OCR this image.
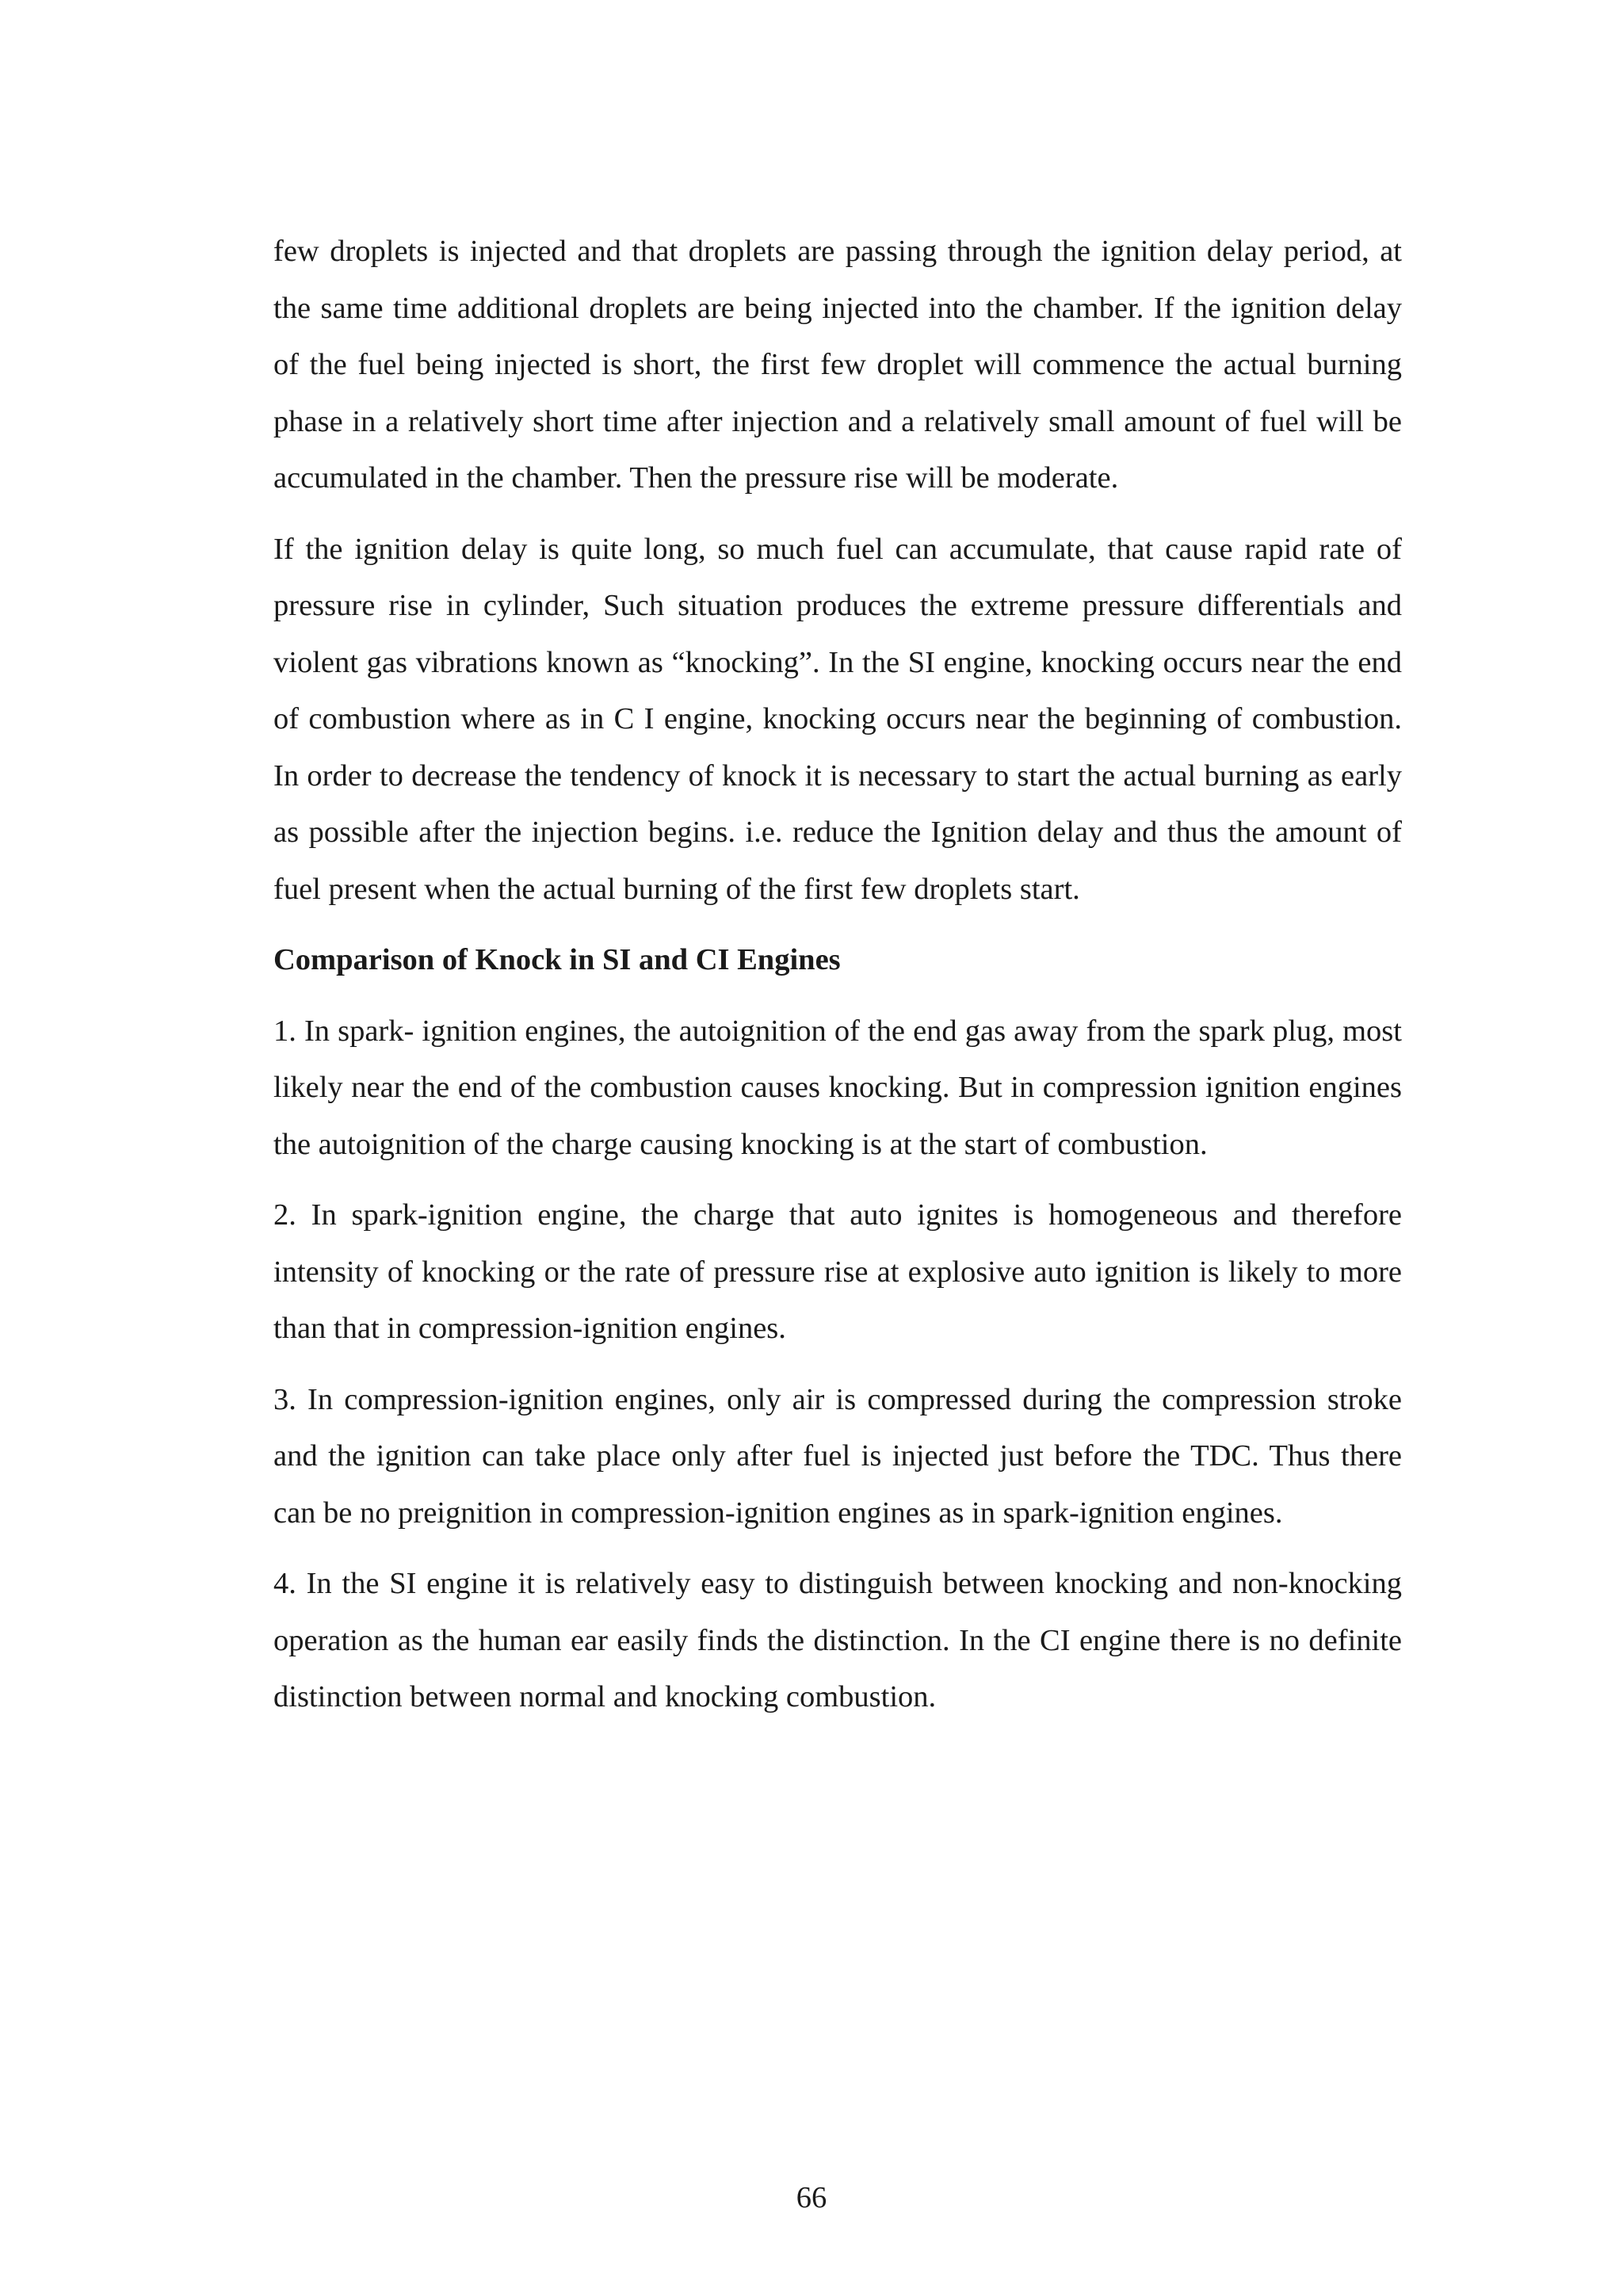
few droplets is injected and that droplets are passing through the ignition delay period, at the same time additional droplets are being injected into the chamber. If the ignition delay of the fuel being injected is short, the first few droplet will commence the actual burning phase in a relatively short time after injection and a relatively small amount of fuel will be accumulated in the chamber. Then the pressure rise will be moderate.

If the ignition delay is quite long, so much fuel can accumulate, that cause rapid rate of pressure rise in cylinder, Such situation produces the extreme pressure differentials and violent gas vibrations known as “knocking”. In the SI engine, knocking occurs near the end of combustion where as in C I engine, knocking occurs near the beginning of combustion. In order to decrease the tendency of knock it is necessary to start the actual burning as early as possible after the injection begins. i.e. reduce the Ignition delay and thus the amount of fuel present when the actual burning of the first few droplets start.

Comparison of Knock in SI and CI Engines

1. In spark- ignition engines, the autoignition of the end gas away from the spark plug, most likely near the end of the combustion causes knocking. But in compression ignition engines the autoignition of the charge causing knocking is at the start of combustion.

2. In spark-ignition engine, the charge that auto ignites is homogeneous and therefore intensity of knocking or the rate of pressure rise at explosive auto ignition is likely to more than that in compression-ignition engines.

3. In compression-ignition engines, only air is compressed during the compression stroke and the ignition can take place only after fuel is injected just before the TDC. Thus there can be no preignition in compression-ignition engines as in spark-ignition engines.

4. In the SI engine it is relatively easy to distinguish between knocking and non-knocking operation as the human ear easily finds the distinction. In the CI engine there is no definite distinction between normal and knocking combustion.

66
